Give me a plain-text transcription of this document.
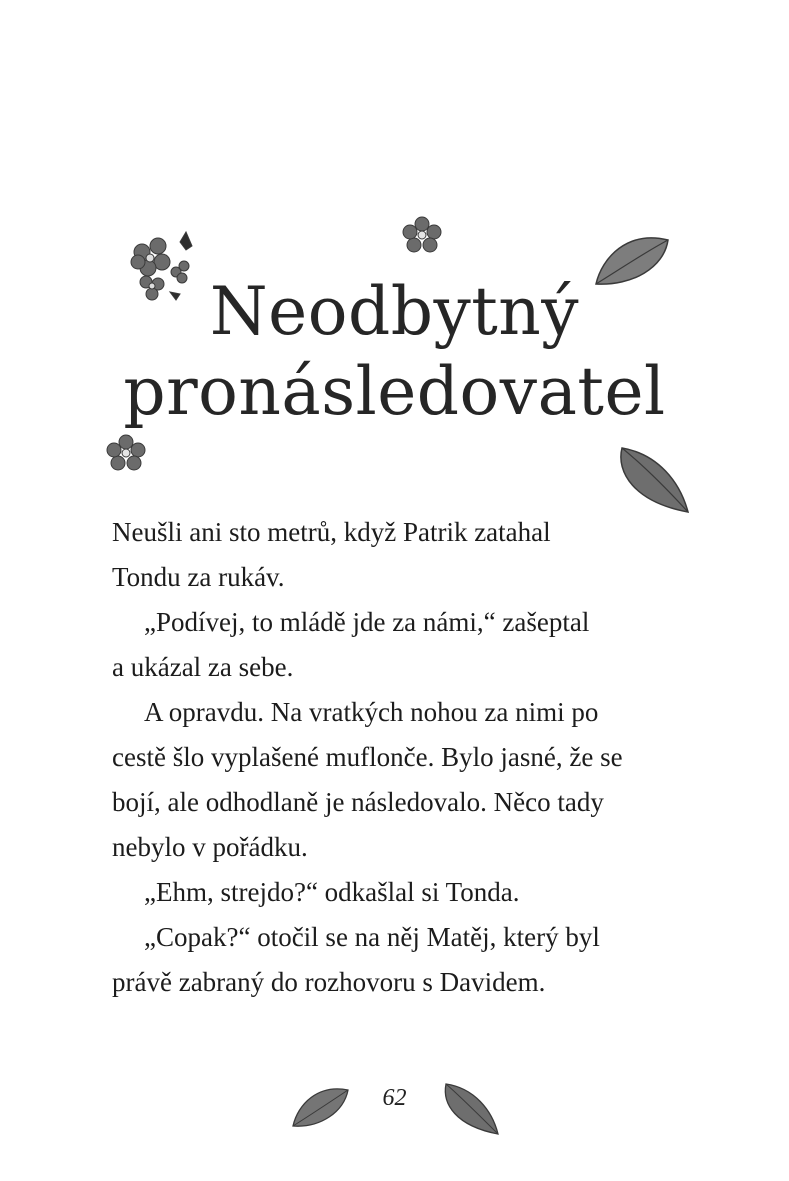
Neodbytný
pronásledovatel

Neušli ani sto metrů, když Patrik zatahal
Tondu za rukáv.

„Podívej, to mládě jde za námi,“ zašeptal
a ukázal za sebe.

A opravdu. Na vratkých nohou za nimi po
cestě šlo vyplašené muflonče. Bylo jasné, že se
bojí, ale odhodlaně je následovalo. Něco tady
nebylo v pořádku.

„Ehm, strejdo?“ odkašlal si Tonda.

„Copak?“ otočil se na něj Matěj, který byl
právě zabraný do rozhovoru s Davidem.

62
